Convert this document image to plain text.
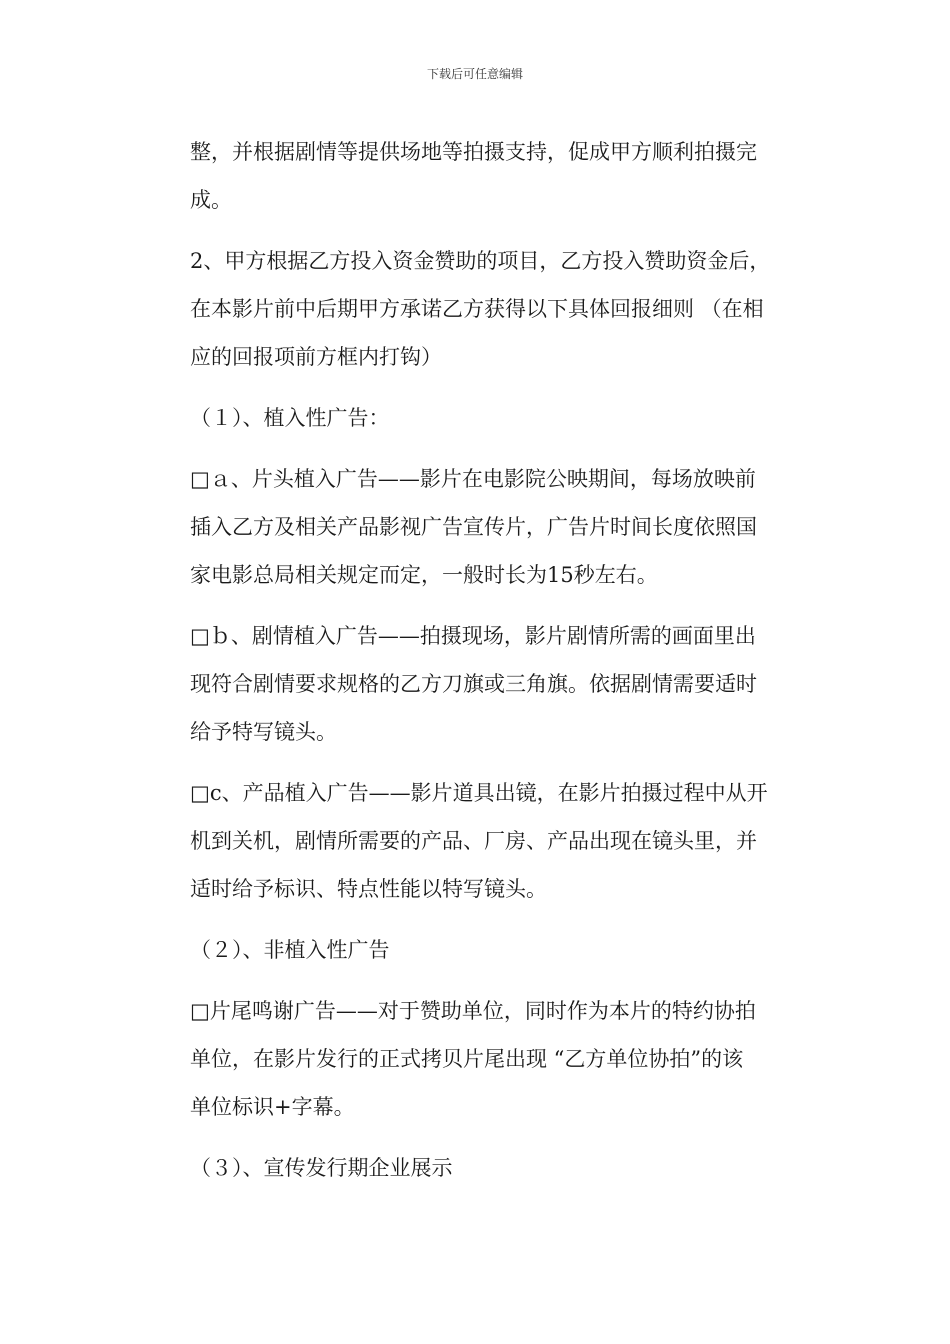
下载后可任意编辑

整，并根据剧情等提供场地等拍摄支持，促成甲方顺利拍摄完
成。

2、甲方根据乙方投入资金赞助的项目，乙方投入赞助资金后，
在本影片前中后期甲方承诺乙方获得以下具体回报细则 （在相
应的回报项前方框内打钩）

（１）、植入性广告：

□ａ、片头植入广告——影片在电影院公映期间，每场放映前
插入乙方及相关产品影视广告宣传片，广告片时间长度依照国
家电影总局相关规定而定，一般时长为15秒左右。

□ｂ、剧情植入广告——拍摄现场，影片剧情所需的画面里出
现符合剧情要求规格的乙方刀旗或三角旗。依据剧情需要适时
给予特写镜头。

□c、产品植入广告——影片道具出镜，在影片拍摄过程中从开
机到关机，剧情所需要的产品、厂房、产品出现在镜头里，并
适时给予标识、特点性能以特写镜头。

（２）、非植入性广告

□片尾鸣谢广告——对于赞助单位，同时作为本片的特约协拍
单位，在影片发行的正式拷贝片尾出现 “乙方单位协拍”的该
单位标识+字幕。

（３）、宣传发行期企业展示
